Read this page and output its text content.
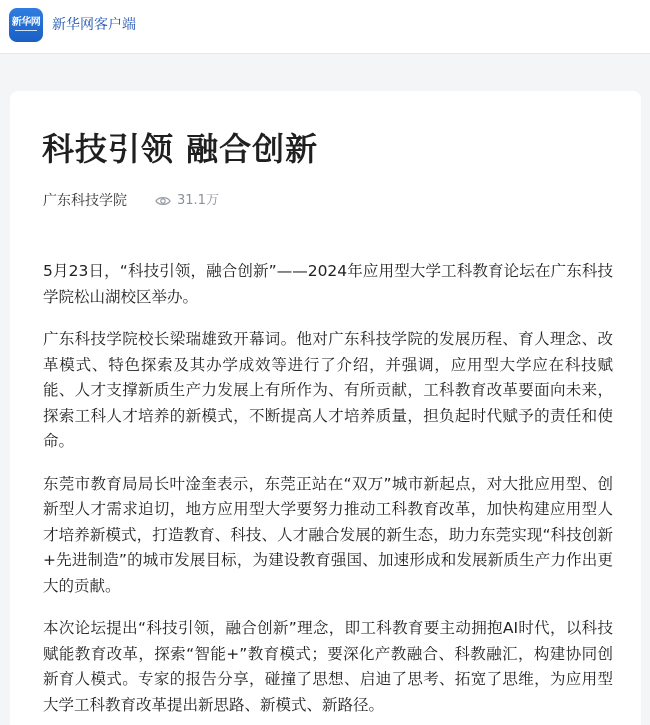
新华网 新华网客户端
科技引领 融合创新
广东科技学院	31.1万

5月23日，“科技引领，融合创新”——2024年应用型大学工科教育论坛在广东科技学院松山湖校区举办。

广东科技学院校长梁瑞雄致开幕词。他对广东科技学院的发展历程、育人理念、改革模式、特色探索及其办学成效等进行了介绍，并强调，应用型大学应在科技赋能、人才支撑新质生产力发展上有所作为、有所贡献，工科教育改革要面向未来，探索工科人才培养的新模式，不断提高人才培养质量，担负起时代赋予的责任和使命。

东莞市教育局局长叶淦奎表示，东莞正站在“双万”城市新起点，对大批应用型、创新型人才需求迫切，地方应用型大学要努力推动工科教育改革，加快构建应用型人才培养新模式，打造教育、科技、人才融合发展的新生态，助力东莞实现“科技创新+先进制造”的城市发展目标，为建设教育强国、加速形成和发展新质生产力作出更大的贡献。

本次论坛提出“科技引领，融合创新”理念，即工科教育要主动拥抱AI时代，以科技赋能教育改革，探索“智能+”教育模式；要深化产教融合、科教融汇，构建协同创新育人模式。专家的报告分享，碰撞了思想、启迪了思考、拓宽了思维，为应用型大学工科教育改革提出新思路、新模式、新路径。
